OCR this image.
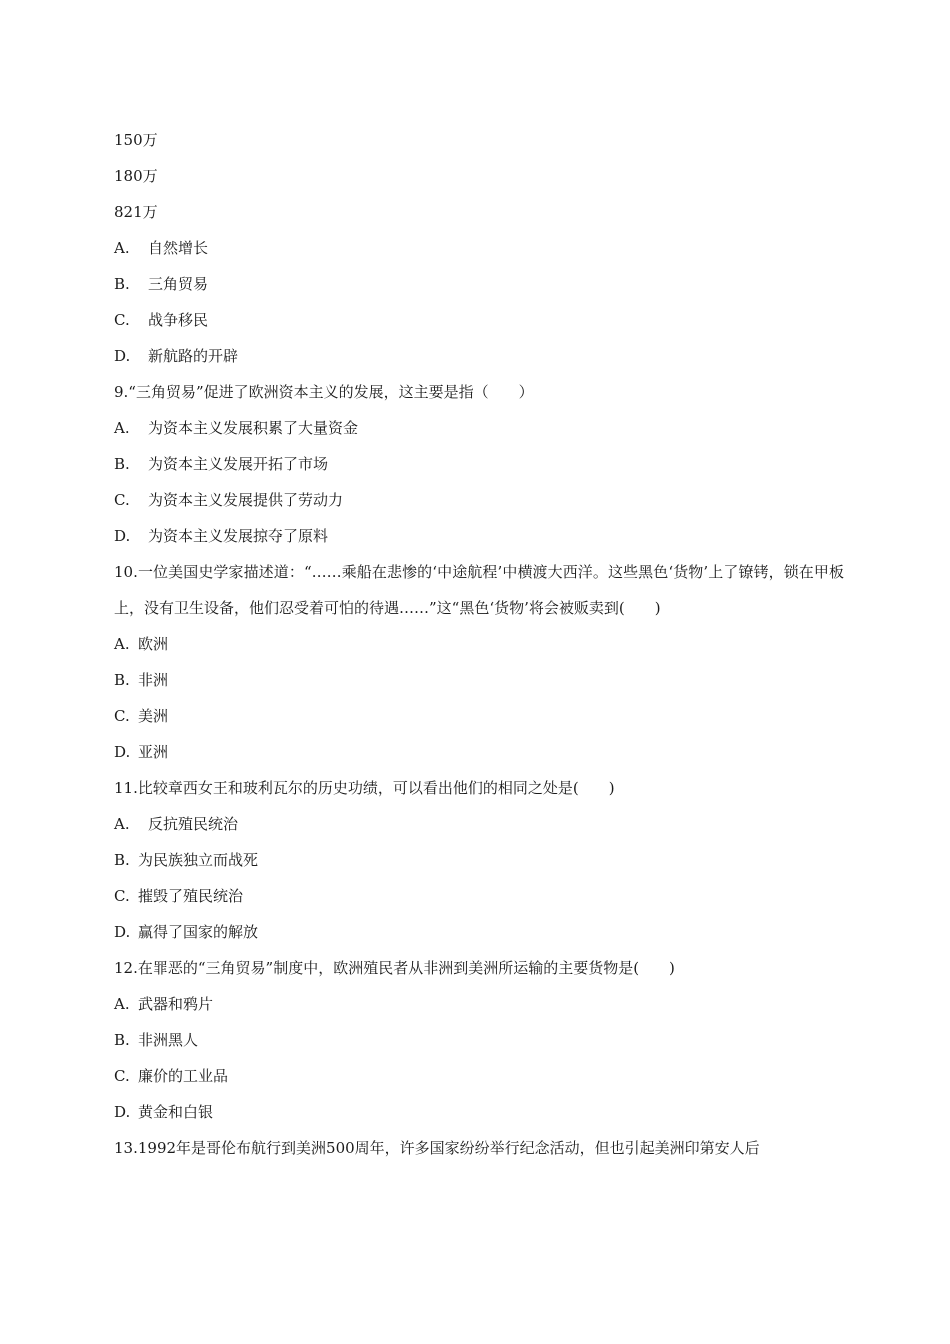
150万
180万
821万
A. 自然增长
B. 三角贸易
C. 战争移民
D. 新航路的开辟
9.“三角贸易”促进了欧洲资本主义的发展，这主要是指（　　）
A. 为资本主义发展积累了大量资金
B. 为资本主义发展开拓了市场
C. 为资本主义发展提供了劳动力
D. 为资本主义发展掠夺了原料
10.一位美国史学家描述道：“……乘船在悲惨的‘中途航程’中横渡大西洋。这些黑色‘货物’上了镣铐，锁在甲板上，没有卫生设备，他们忍受着可怕的待遇……”这“黑色‘货物’将会被贩卖到(　　)
A. 欧洲
B. 非洲
C. 美洲
D. 亚洲
11.比较章西女王和玻利瓦尔的历史功绩，可以看出他们的相同之处是(　　)
A. 反抗殖民统治
B. 为民族独立而战死
C. 摧毁了殖民统治
D. 赢得了国家的解放
12.在罪恶的“三角贸易”制度中，欧洲殖民者从非洲到美洲所运输的主要货物是(　　)
A. 武器和鸦片
B. 非洲黑人
C. 廉价的工业品
D. 黄金和白银
13.1992年是哥伦布航行到美洲500周年，许多国家纷纷举行纪念活动，但也引起美洲印第安人后
